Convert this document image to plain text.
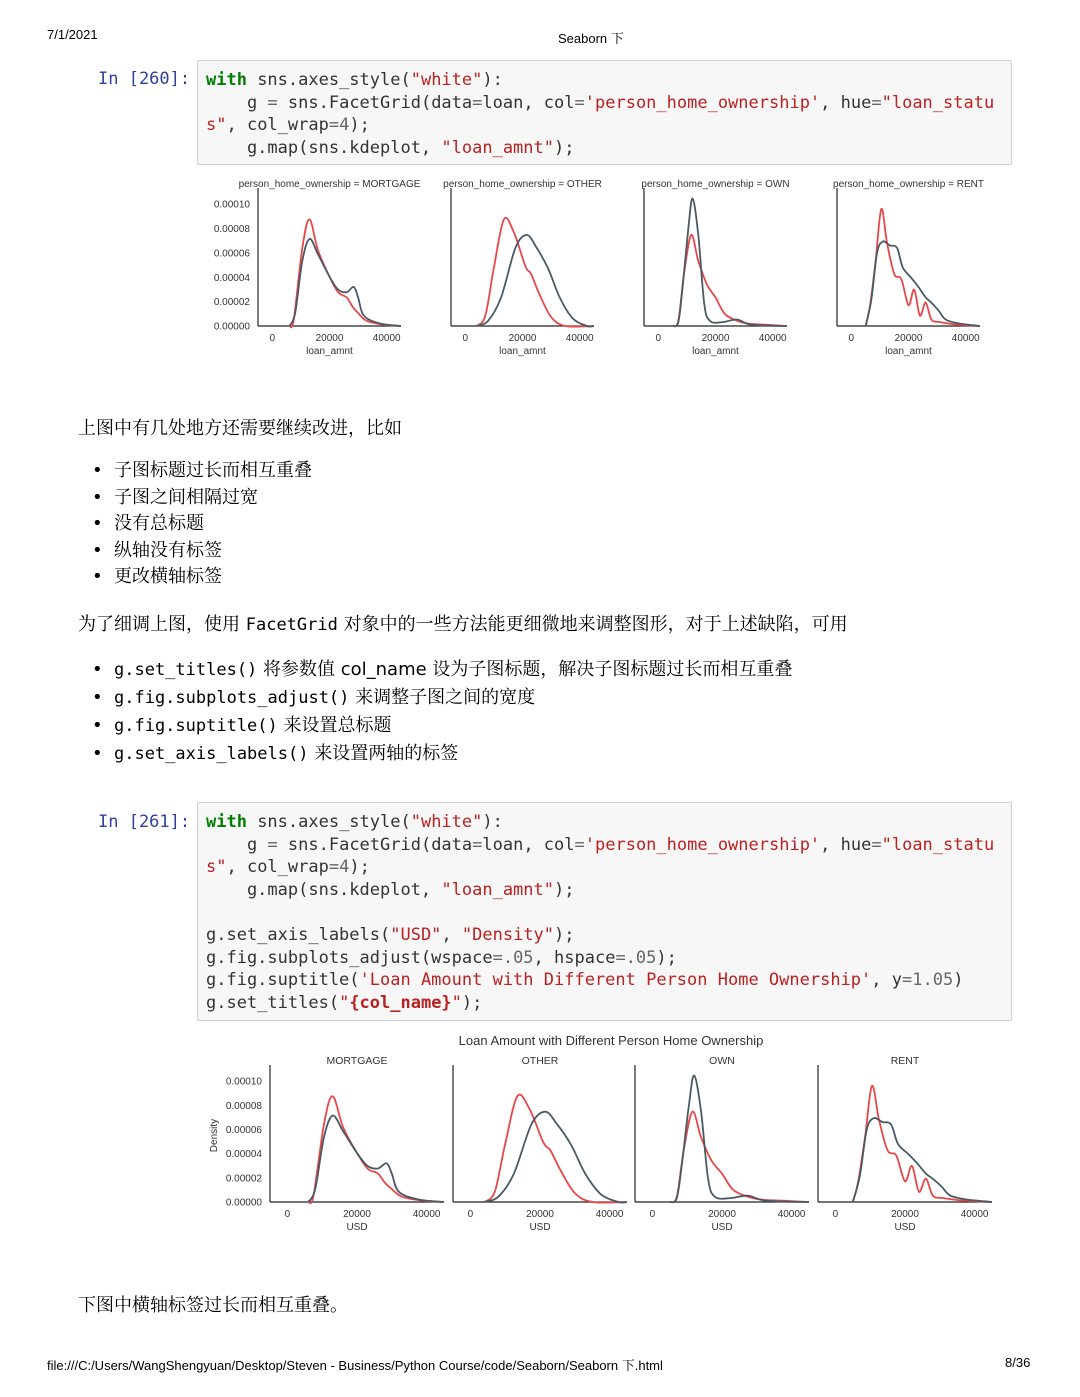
7/1/2021	Seaborn 下
In [260]: with sns.axes_style("white"):
g = sns.FacetGrid(data=loan, col='person_home_ownership', hue="loan_statu
s", col_wrap=4);
g.map(sns.kdeplot, "loan_amnt");
0.00000
0.00002
0.00004
0.00006
0.00008
0.00010
person_home_ownership = MORTGAGE
0	20000	40000
loan_amnt
person_home_ownership = OTHER
0	20000	40000
loan_amnt
person_home_ownership = OWN
0	20000	40000
loan_amnt
person_home_ownership = RENT
0	20000	40000
loan_amnt
上图中有几处地方还需要继续改进，比如
• 子图标题过长而相互重叠
• 子图之间相隔过宽
• 没有总标题
• 纵轴没有标签
• 更改横轴标签
为了细调上图，使用 FacetGrid 对象中的一些方法能更细微地来调整图形，对于上述缺陷，可用
• g.set_titles() 将参数值 col_name 设为子图标题，解决子图标题过长而相互重叠
• g.fig.subplots_adjust() 来调整子图之间的宽度
• g.fig.suptitle() 来设置总标题
• g.set_axis_labels() 来设置两轴的标签
In [261]: with sns.axes_style("white"):
g = sns.FacetGrid(data=loan, col='person_home_ownership', hue="loan_statu
s", col_wrap=4);
g.map(sns.kdeplot, "loan_amnt");

g.set_axis_labels("USD", "Density");
g.fig.subplots_adjust(wspace=.05, hspace=.05);
g.fig.suptitle('Loan Amount with Different Person Home Ownership', y=1.05)
g.set_titles("{col_name}");
Loan Amount with Different Person Home Ownership
Density
0.00000
0.00002
0.00004
0.00006
0.00008
0.00010
MORTGAGE
0	20000	40000
USD
OTHER
0	20000	40000
USD
OWN
0	20000	40000
USD
RENT
0	20000	40000
USD
下图中横轴标签过长而相互重叠。
file:///C:/Users/WangShengyuan/Desktop/Steven - Business/Python Course/code/Seaborn/Seaborn 下.html	8/36
